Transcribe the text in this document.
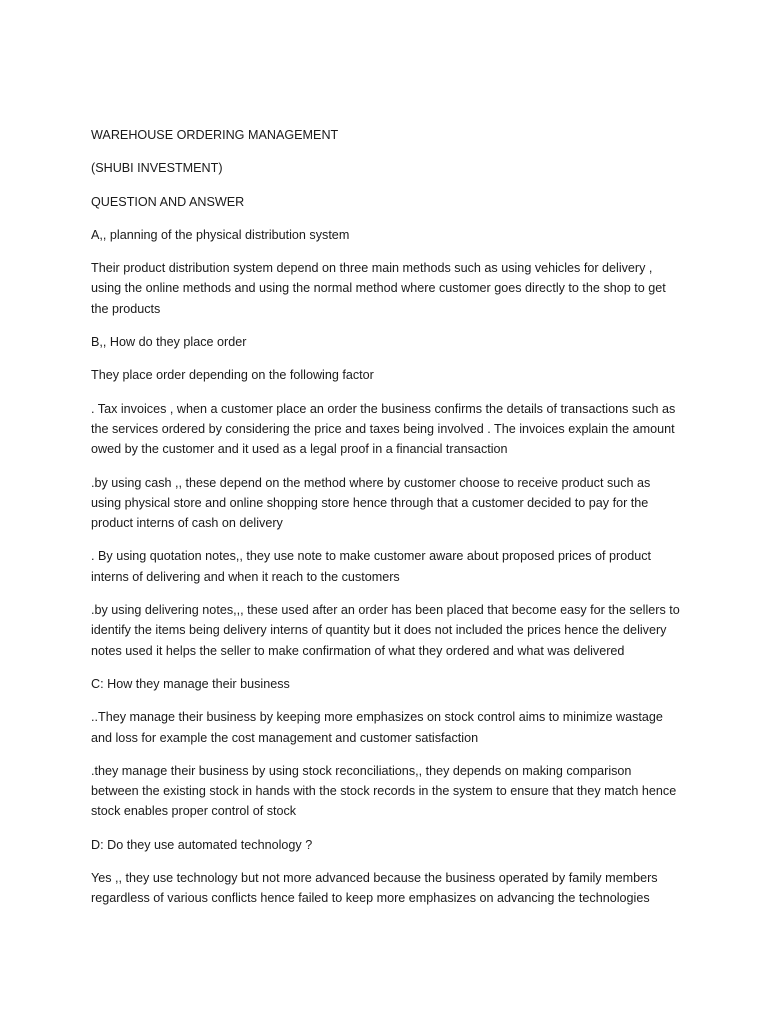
WAREHOUSE ORDERING MANAGEMENT

(SHUBI INVESTMENT)

QUESTION AND ANSWER

A,, planning of the physical distribution system

Their product distribution system depend on three main methods such as using vehicles for delivery , using the online methods and using the normal method where customer goes directly to the shop to get the products

B,, How do they place order

They place order depending on the following factor

. Tax invoices , when a customer place an order the business confirms the details of transactions such as the services ordered by considering the price and taxes being involved . The invoices explain the amount owed by the customer and it used as a legal proof in a financial transaction

.by using cash ,, these depend on the method where by customer choose to receive product such as using physical store and online shopping store hence through that a customer decided to pay for the product interns of cash on delivery

. By using quotation notes,, they use note to make customer aware about proposed prices of product interns of delivering and when it reach to the customers

.by using delivering notes,,, these used after an order has been placed that become easy for the sellers to identify the items being delivery interns of quantity but it does not included the prices hence the delivery notes used it helps the seller to make confirmation of what they ordered and what was delivered

C: How they manage their business

..They manage their business by keeping more emphasizes on stock control aims to minimize wastage and loss for example the cost management and customer satisfaction

.they manage their business by using stock reconciliations,, they depends on making comparison between the existing stock in hands with the stock records in the system to ensure that they match hence stock enables proper control of stock

D: Do they use automated technology ?

Yes ,, they use technology but not more advanced because the business operated by family members regardless of various conflicts hence failed to keep more emphasizes on advancing the technologies
